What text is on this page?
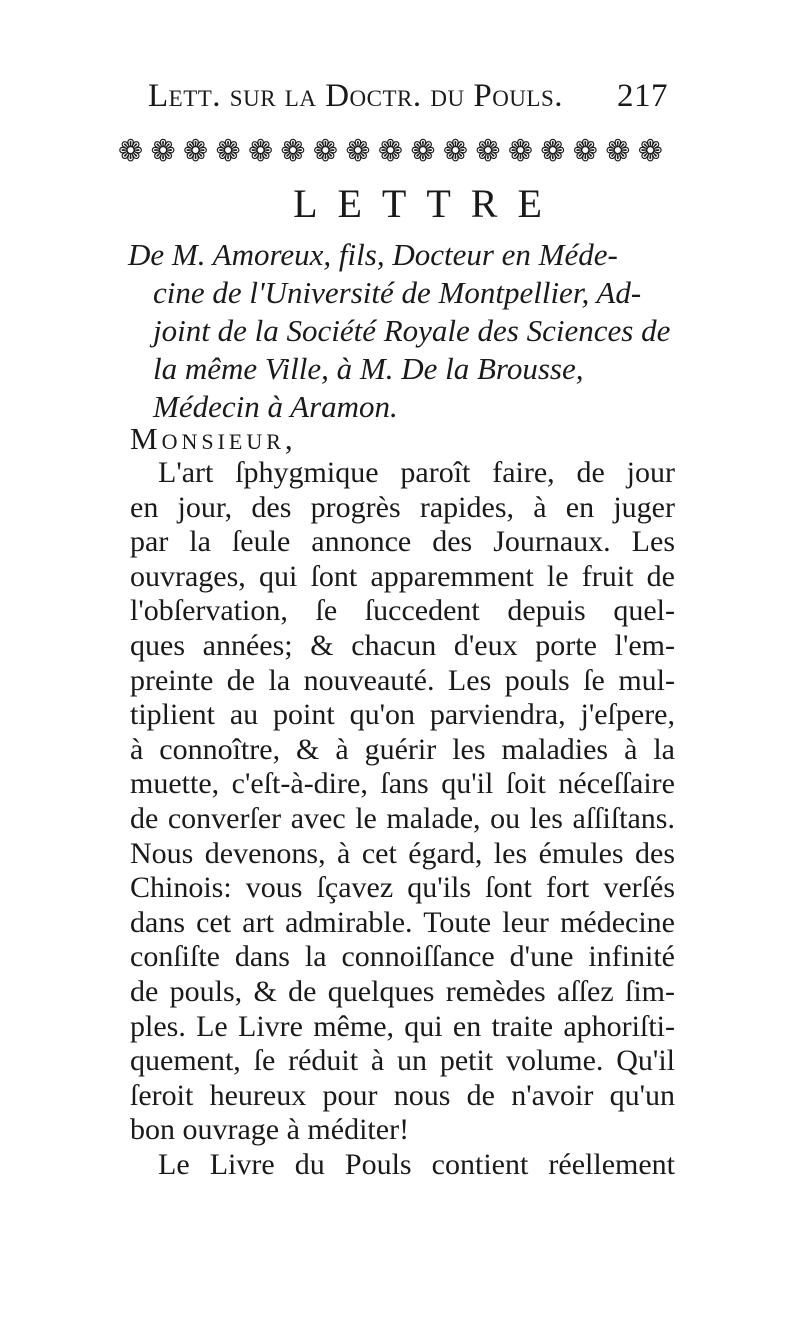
Lett. sur la Doctr. du Pouls. 217
❁ ❁ ❁ ❁ ❁ ❁ ❁ ❁ ❁ ❁ ❁ ❁ ❁ ❁ ❁ ❁ ❁
LETTRE
De M. Amoreux, fils, Docteur en Méde-
cine de l'Université de Montpellier, Ad-
joint de la Société Royale des Sciences de
la même Ville, à M. De la Brousse,
Médecin à Aramon.
Monsieur,
L'art ſphygmique paroît faire, de jour
en jour, des progrès rapides, à en juger
par la ſeule annonce des Journaux. Les
ouvrages, qui ſont apparemment le fruit de
l'obſervation, ſe ſuccedent depuis quel-
ques années; & chacun d'eux porte l'em-
preinte de la nouveauté. Les pouls ſe mul-
tiplient au point qu'on parviendra, j'eſpere,
à connoître, & à guérir les maladies à la
muette, c'eſt-à-dire, ſans qu'il ſoit néceſſaire
de converſer avec le malade, ou les aſſiſtans.
Nous devenons, à cet égard, les émules des
Chinois: vous ſçavez qu'ils ſont fort verſés
dans cet art admirable. Toute leur médecine
conſiſte dans la connoiſſance d'une infinité
de pouls, & de quelques remèdes aſſez ſim-
ples. Le Livre même, qui en traite aphoriſti-
quement, ſe réduit à un petit volume. Qu'il
ſeroit heureux pour nous de n'avoir qu'un
bon ouvrage à méditer!
Le Livre du Pouls contient réellement
